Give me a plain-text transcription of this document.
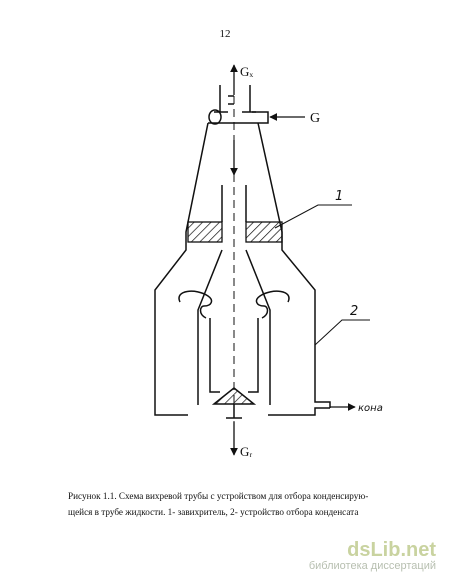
12
Gₓ
G
Gᵣ
кона
1
2
Рисунок 1.1. Схема вихревой трубы с устройством для отбора конденсирую-
щейся в трубе жидкости. 1- завихритель, 2- устройство отбора конденсата
dsLib.net
библиотека диссертаций
